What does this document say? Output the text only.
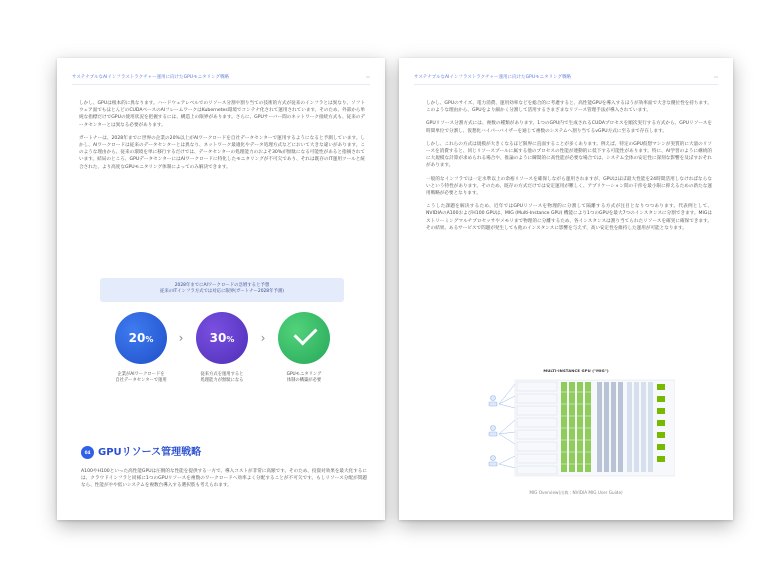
サステナブルなAIインフラストラクチャー運用に向けたGPUモニタリング戦略	▭

しかし、GPUは根本的に異なります。ハードウェアレベルでのリソース分割や割り当ての技術的方式が従来のインフラとは異なり、ソフトウェア面でもほとんどのCUDAベースのAIフレームワークはKubernetes環境でコンテナ化されて運用されています。そのため、外部から単純な指標だけでGPUの使用状況を把握するには、構造上の限界があります。さらに、GPUサーバー間のネットワーク接続方式も、従来のデータセンターとは異なる必要があります。

ガートナーは、2028年までに世界の企業の20%以上がAIワークロードを自社データセンターで運用するようになると予測しています。しかし、AIワークロードは従来のデータセンターとは異なり、ネットワーク最適化やデータ処理方式などにおいて大きな違いがあります。このような理由から、従来の環境を単に移行するだけでは、データセンターの処理能力のおよそ30%が無駄になる可能性があると指摘されています。結局のところ、GPUデータセンターにはAIワークロードに特化したモニタリングが不可欠であり、それは既存のIT運用ツールと統合された、より高度なGPUモニタリング体制によってのみ解決できます。

2028年までにAIワークロードの急増すると予想
従来のITインフラ方式では対応に限界(ガートナー2028年予測)
20%	›	30%	›
企業がAIワークロードを
自社データセンターで運用
従来方式を運用すると
処理能力が無駄になる
GPUモニタリング
体制の構築が必要
04 GPUリソース管理戦略

A100やH100といった高性能GPUは圧倒的な性能を提供する一方で、導入コストが非常に高額です。そのため、投資対効果を最大化するには、クラウドインフラと同様に1つのGPUリソースを複数のワークロードへ効率よく分配することが不可欠です。もしリソース分配が問題なら、性能がやや低いシステムを複数台導入する選択肢も考えられます。

サステナブルなAIインフラストラクチャー運用に向けたGPUモニタリング戦略	▭

しかし、GPUのサイズ、電力消費、運用効率などを総合的に考慮すると、高性能GPUを導入するほうが効率面で大きな優位性を持ちます。このような理由から、GPUをより細かく分割して活用するさまざまなリソース管理手法が導入されています。

GPUリソース分割方式には、複数の種類があります。1つのGPU内で生成されるCUDAプロセスを順次実行する方式から、GPUリソースを時間単位で分割し、仮想化ハイパーバイザーを通じて複数のシステムへ割り当てるvGPU方式に至るまで存在します。

しかし、これらの方式は規模が大きくなるほど限界に直面することが多くあります。例えば、特定のGPU仮想マシンが実質的に大量のリソースを消費すると、同じリソースプールに属する他のプロセスの性能が連動的に低下する可能性があります。特に、AI学習のように継続的に大規模な計算が求められる場合や、推論のように瞬間的に高性能が必要な場合では、システム全体の安定性に深刻な影響を及ぼすおそれがあります。

一般的なインフラでは一定水準以上の余裕リソースを確保しながら運用されますが、GPUはほぼ最大性能を24時間活用しなければならないという特性があります。そのため、既存の方式だけでは安定運用が難しく、アプリケーション間の干渉を最小限に抑えるための新たな運用戦略が必要となります。

こうした課題を解決するため、近年ではGPUリソースを物理的に分割して隔離する方式が注目となりつつあります。代表例として、NVIDIAのA100およびH100 GPUは、MIG (Multi-Instance GPU) 機能により1つのGPUを最大7つのインスタンスに分割できます。MIGはストリーミングマルチプロセッサやメモリまで物理的に分離するため、各インスタンスは割り当てられたリソースを確実に確保できます。その結果、あるサービスで問題が発生しても他のインスタンスに影響を与えず、高い安定性を維持した運用が可能となります。

MULTI-INSTANCE GPU ("MIG")
MIG Overview(出典 : NVIDIA MIG User Guide)
